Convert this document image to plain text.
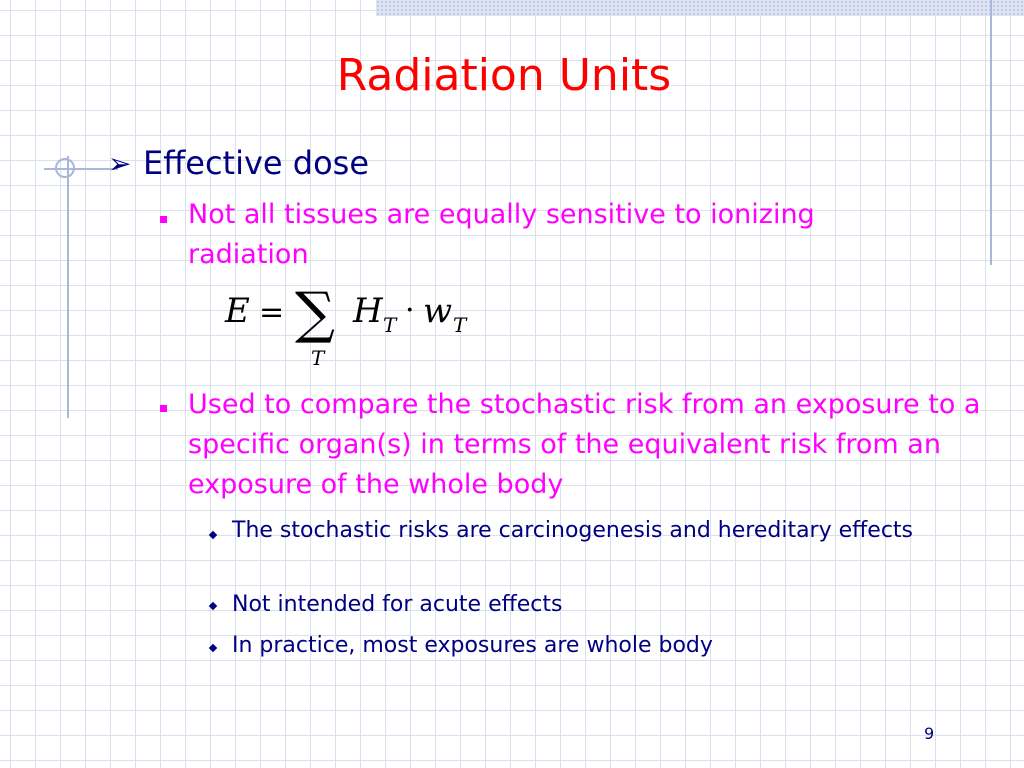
Radiation Units
➢ Effective dose

Not all tissues are equally sensitive to ionizing radiation

E = ∑
T
H T · w T

Used to compare the stochastic risk from an exposure to a specific organ(s) in terms of the equivalent risk from an exposure of the whole body

The stochastic risks are carcinogenesis and hereditary effects

Not intended for acute effects

In practice, most exposures are whole body

9
